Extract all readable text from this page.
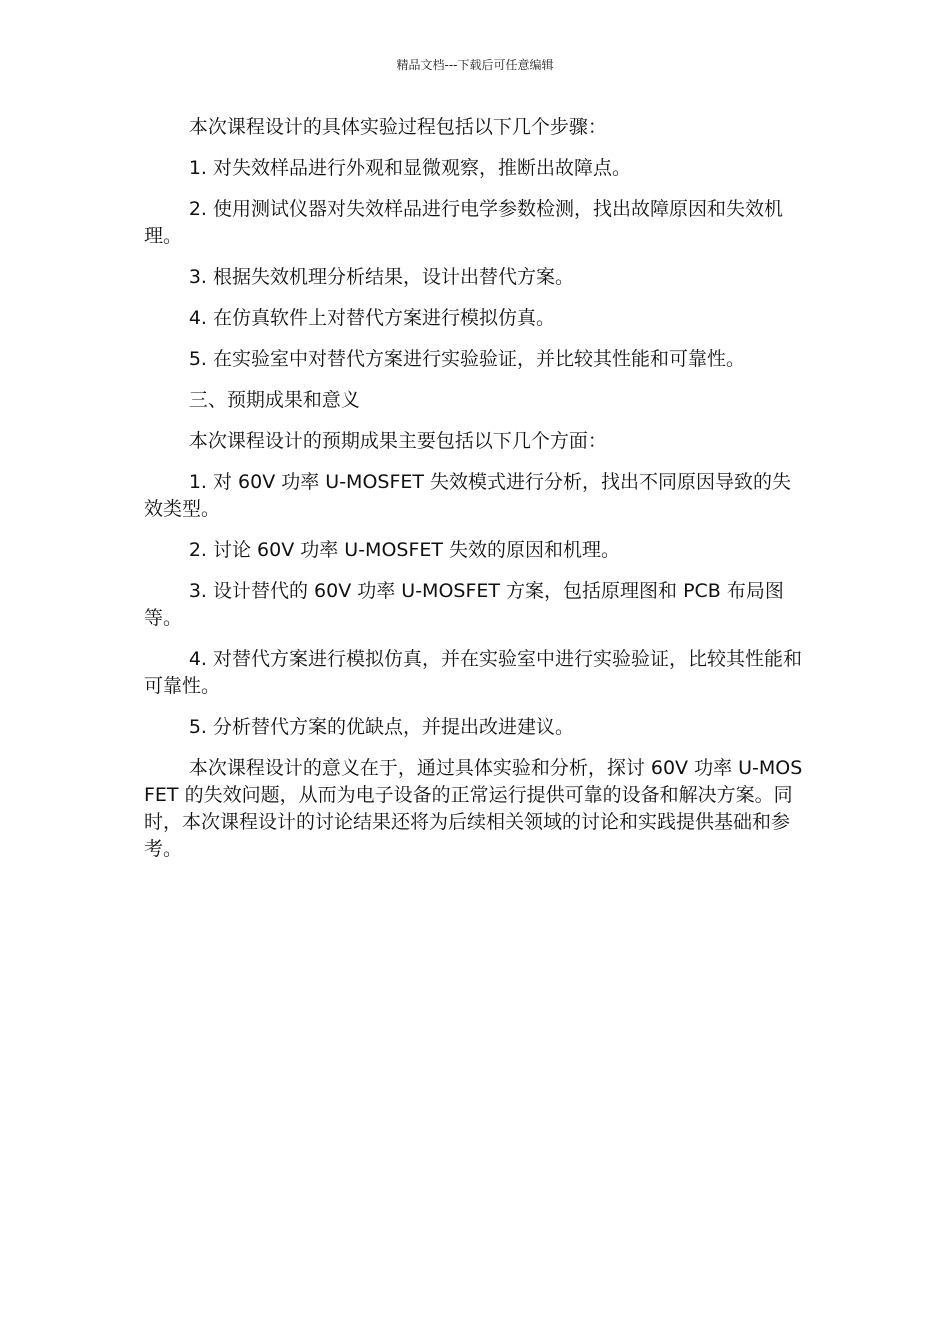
精品文档---下载后可任意编辑

本次课程设计的具体实验过程包括以下几个步骤：

1. 对失效样品进行外观和显微观察，推断出故障点。

2. 使用测试仪器对失效样品进行电学参数检测，找出故障原因和失效机理。

3. 根据失效机理分析结果，设计出替代方案。

4. 在仿真软件上对替代方案进行模拟仿真。

5. 在实验室中对替代方案进行实验验证，并比较其性能和可靠性。

三、预期成果和意义

本次课程设计的预期成果主要包括以下几个方面：

1. 对 60V 功率 U-MOSFET 失效模式进行分析，找出不同原因导致的失效类型。

2. 讨论 60V 功率 U-MOSFET 失效的原因和机理。

3. 设计替代的 60V 功率 U-MOSFET 方案，包括原理图和 PCB 布局图等。

4. 对替代方案进行模拟仿真，并在实验室中进行实验验证，比较其性能和可靠性。

5. 分析替代方案的优缺点，并提出改进建议。

本次课程设计的意义在于，通过具体实验和分析，探讨 60V 功率 U-MOSFET 的失效问题，从而为电子设备的正常运行提供可靠的设备和解决方案。同时，本次课程设计的讨论结果还将为后续相关领域的讨论和实践提供基础和参考。
